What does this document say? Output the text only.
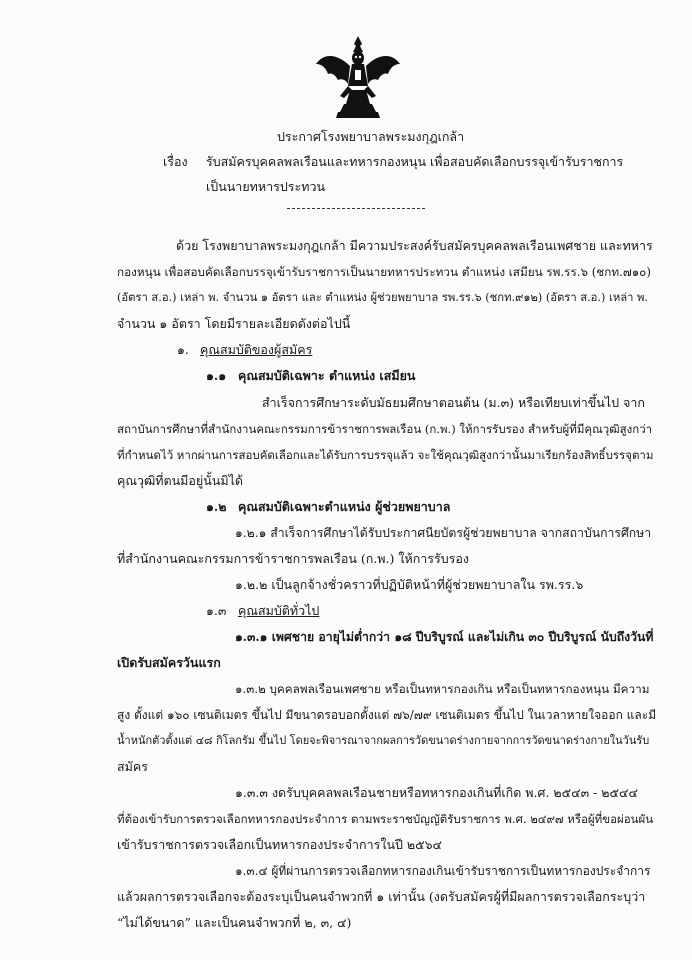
ประกาศโรงพยาบาลพระมงกุฎเกล้า
เรื่อง รับสมัครบุคคลพลเรือนและทหารกองหนุน เพื่อสอบคัดเลือกบรรจุเข้ารับราชการ
เป็นนายทหารประทวน
ด้วย โรงพยาบาลพระมงกุฎเกล้า มีความประสงค์รับสมัครบุคคลพลเรือนเพศชาย และทหาร
กองหนุน เพื่อสอบคัดเลือกบรรจุเข้ารับราชการเป็นนายทหารประทวน ตำแหน่ง เสมียน รพ.รร.๖ (ชกท.๗๑๐)
(อัตรา ส.อ.) เหล่า พ. จำนวน ๑ อัตรา และ ตำแหน่ง ผู้ช่วยพยาบาล รพ.รร.๖ (ชกท.๙๑๒) (อัตรา ส.อ.) เหล่า พ.
จำนวน ๑ อัตรา โดยมีรายละเอียดดังต่อไปนี้
๑. คุณสมบัติของผู้สมัคร
๑.๑ คุณสมบัติเฉพาะ ตำแหน่ง เสมียน
สำเร็จการศึกษาระดับมัธยมศึกษาตอนต้น (ม.๓) หรือเทียบเท่าขึ้นไป จาก
สถาบันการศึกษาที่สำนักงานคณะกรรมการข้าราชการพลเรือน (ก.พ.) ให้การรับรอง สำหรับผู้ที่มีคุณวุฒิสูงกว่า
ที่กำหนดไว้ หากผ่านการสอบคัดเลือกและได้รับการบรรจุแล้ว จะใช้คุณวุฒิสูงกว่านั้นมาเรียกร้องสิทธิ์บรรจุตาม
คุณวุฒิที่ตนมีอยู่นั้นมิได้
๑.๒ คุณสมบัติเฉพาะตำแหน่ง ผู้ช่วยพยาบาล
๑.๒.๑ สำเร็จการศึกษาได้รับประกาศนียบัตรผู้ช่วยพยาบาล จากสถาบันการศึกษา
ที่สำนักงานคณะกรรมการข้าราชการพลเรือน (ก.พ.) ให้การรับรอง
๑.๒.๒ เป็นลูกจ้างชั่วคราวที่ปฏิบัติหน้าที่ผู้ช่วยพยาบาลใน รพ.รร.๖
๑.๓ คุณสมบัติทั่วไป
๑.๓.๑ เพศชาย อายุไม่ต่ำกว่า ๑๘ ปีบริบูรณ์ และไม่เกิน ๓๐ ปีบริบูรณ์ นับถึงวันที่
เปิดรับสมัครวันแรก
๑.๓.๒ บุคคลพลเรือนเพศชาย หรือเป็นทหารกองเกิน หรือเป็นทหารกองหนุน มีความ
สูง ตั้งแต่ ๑๖๐ เซนติเมตร ขึ้นไป มีขนาดรอบอกตั้งแต่ ๗๖/๗๙ เซนติเมตร ขึ้นไป ในเวลาหายใจออก และมี
น้ำหนักตัวตั้งแต่ ๔๘ กิโลกรัม ขึ้นไป โดยจะพิจารณาจากผลการวัดขนาดร่างกายจากการวัดขนาดร่างกายในวันรับ
สมัคร
๑.๓.๓ งดรับบุคคลพลเรือนชายหรือทหารกองเกินที่เกิด พ.ศ. ๒๕๔๓ - ๒๕๔๔
ที่ต้องเข้ารับการตรวจเลือกทหารกองประจำการ ตามพระราชบัญญัติรับราชการ พ.ศ. ๒๔๙๗ หรือผู้ที่ขอผ่อนผัน
เข้ารับราชการตรวจเลือกเป็นทหารกองประจำการในปี ๒๕๖๔
๑.๓.๔ ผู้ที่ผ่านการตรวจเลือกทหารกองเกินเข้ารับราชการเป็นทหารกองประจำการ
แล้วผลการตรวจเลือกจะต้องระบุเป็นคนจำพวกที่ ๑ เท่านั้น (งดรับสมัครผู้ที่มีผลการตรวจเลือกระบุว่า
“ไม่ได้ขนาด” และเป็นคนจำพวกที่ ๒, ๓, ๔)
